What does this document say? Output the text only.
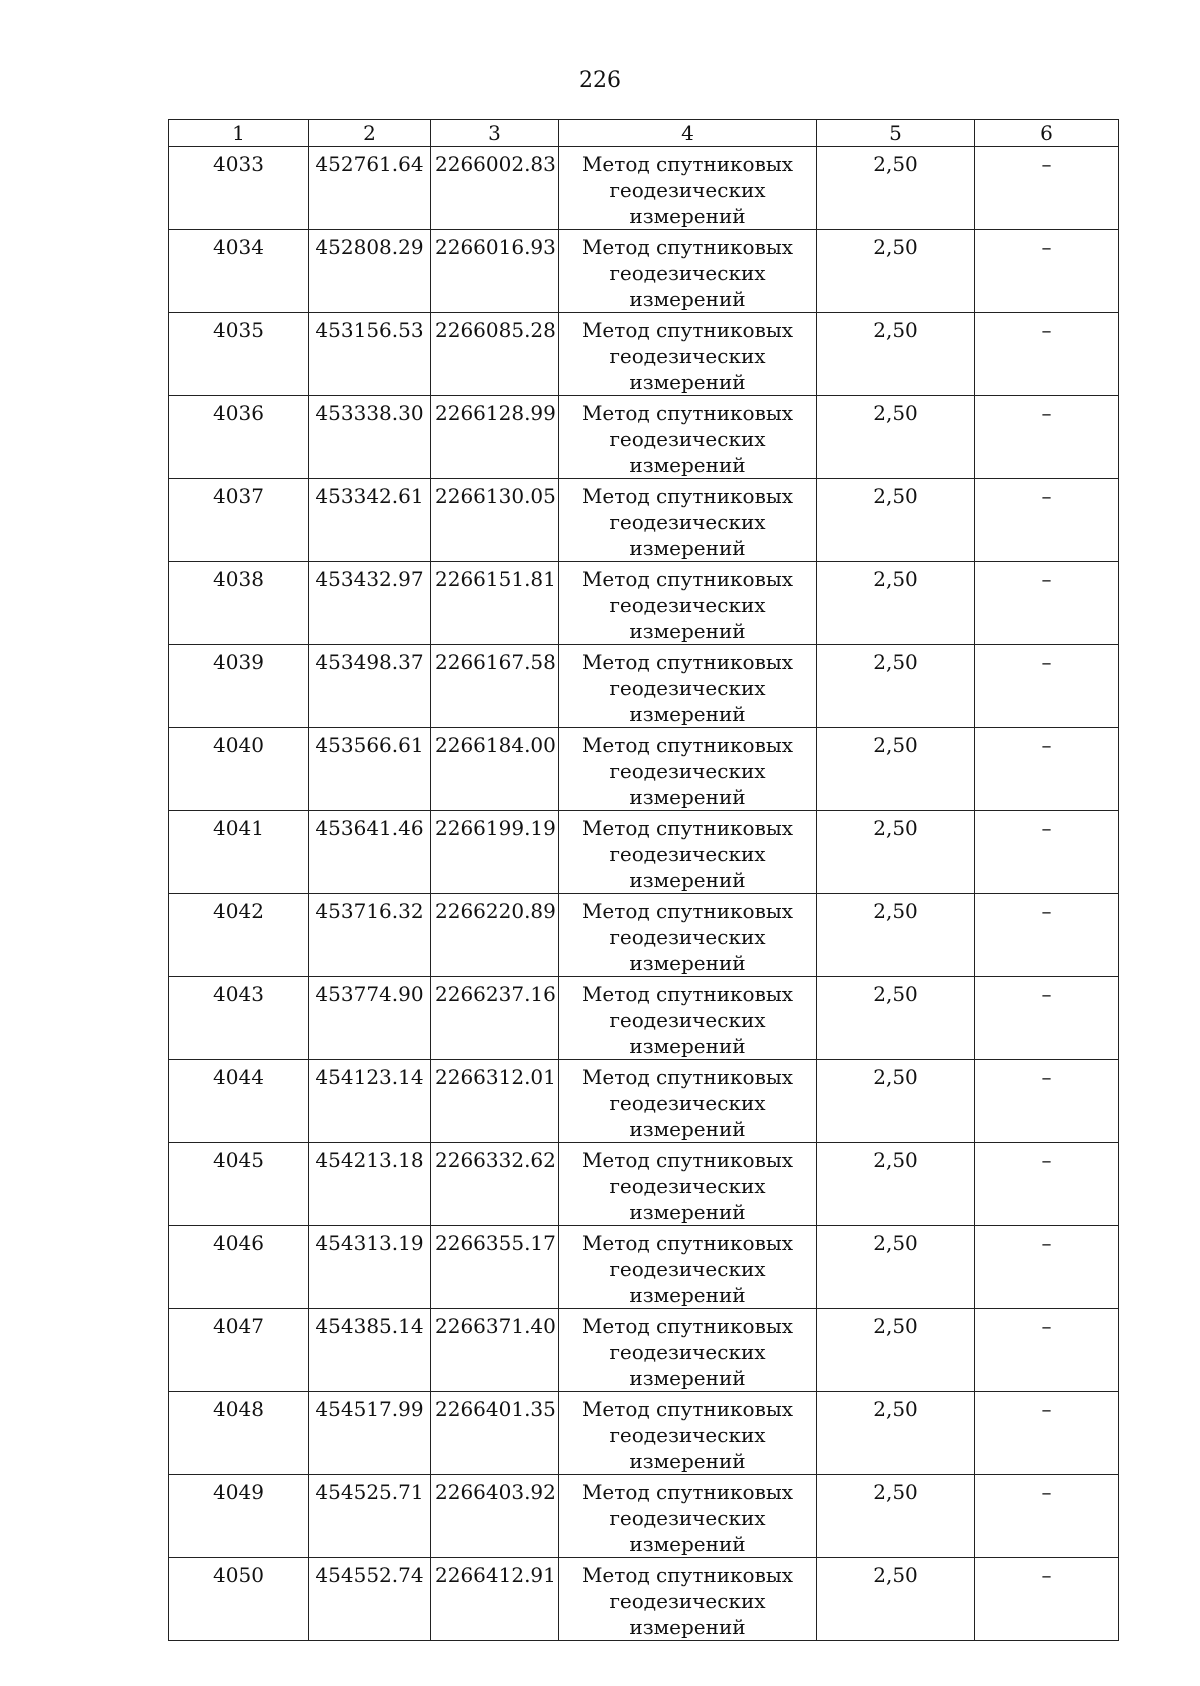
226
1	2	3	4	5	6
4033	452761.64	2266002.83	Метод спутниковых геодезических измерений	2,50	–
4034	452808.29	2266016.93	Метод спутниковых геодезических измерений	2,50	–
4035	453156.53	2266085.28	Метод спутниковых геодезических измерений	2,50	–
4036	453338.30	2266128.99	Метод спутниковых геодезических измерений	2,50	–
4037	453342.61	2266130.05	Метод спутниковых геодезических измерений	2,50	–
4038	453432.97	2266151.81	Метод спутниковых геодезических измерений	2,50	–
4039	453498.37	2266167.58	Метод спутниковых геодезических измерений	2,50	–
4040	453566.61	2266184.00	Метод спутниковых геодезических измерений	2,50	–
4041	453641.46	2266199.19	Метод спутниковых геодезических измерений	2,50	–
4042	453716.32	2266220.89	Метод спутниковых геодезических измерений	2,50	–
4043	453774.90	2266237.16	Метод спутниковых геодезических измерений	2,50	–
4044	454123.14	2266312.01	Метод спутниковых геодезических измерений	2,50	–
4045	454213.18	2266332.62	Метод спутниковых геодезических измерений	2,50	–
4046	454313.19	2266355.17	Метод спутниковых геодезических измерений	2,50	–
4047	454385.14	2266371.40	Метод спутниковых геодезических измерений	2,50	–
4048	454517.99	2266401.35	Метод спутниковых геодезических измерений	2,50	–
4049	454525.71	2266403.92	Метод спутниковых геодезических измерений	2,50	–
4050	454552.74	2266412.91	Метод спутниковых геодезических измерений	2,50	–
